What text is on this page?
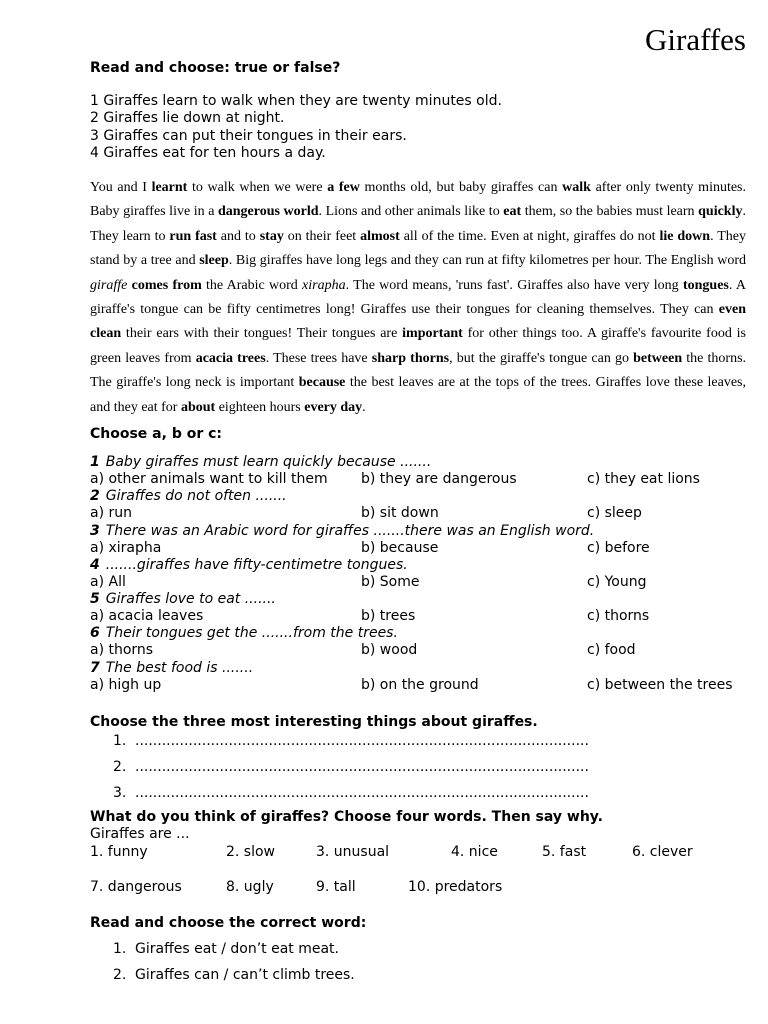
Giraffes
Read and choose: true or false?
1 Giraffes learn to walk when they are twenty minutes old.
2 Giraffes lie down at night.
3 Giraffes can put their tongues in their ears.
4 Giraffes eat for ten hours a day.

You and I learnt to walk when we were a few months old, but baby giraffes can walk after only twenty minutes. Baby giraffes live in a dangerous world. Lions and other animals like to eat them, so the babies must learn quickly. They learn to run fast and to stay on their feet almost all of the time. Even at night, giraffes do not lie down. They stand by a tree and sleep. Big giraffes have long legs and they can run at fifty kilometres per hour. The English word giraffe comes from the Arabic word xirapha. The word means, 'runs fast'. Giraffes also have very long tongues. A giraffe's tongue can be fifty centimetres long! Giraffes use their tongues for cleaning themselves. They can even clean their ears with their tongues! Their tongues are important for other things too. A giraffe's favourite food is green leaves from acacia trees. These trees have sharp thorns, but the giraffe's tongue can go between the thorns. The giraffe's long neck is important because the best leaves are at the tops of the trees. Giraffes love these leaves, and they eat for about eighteen hours every day.

Choose a, b or c:
1 Baby giraffes must learn quickly because .......
a) other animals want to kill them b) they are dangerous	c) they eat lions
2 Giraffes do not often .......
a) run	b) sit down	c) sleep
3 There was an Arabic word for giraffes .......there was an English word.
a) xirapha	b) because	c) before
4 .......giraffes have fifty-centimetre tongues.
a) All	b) Some	c) Young
5 Giraffes love to eat .......
a) acacia leaves	b) trees	c) thorns
6 Their tongues get the .......from the trees.
a) thorns	b) wood	c) food
7 The best food is .......
a) high up	b) on the ground	c) between the trees
Choose the three most interesting things about giraffes.
1. ......................................................................................................
2. ......................................................................................................
3. ......................................................................................................
What do you think of giraffes? Choose four words. Then say why.
Giraffes are ...
1. funny	2. slow	3. unusual	4. nice	5. fast	6. clever
7. dangerous	8. ugly	9. tall	10. predators
Read and choose the correct word:
1. Giraffes eat / don’t eat meat.
2. Giraffes can / can’t climb trees.
